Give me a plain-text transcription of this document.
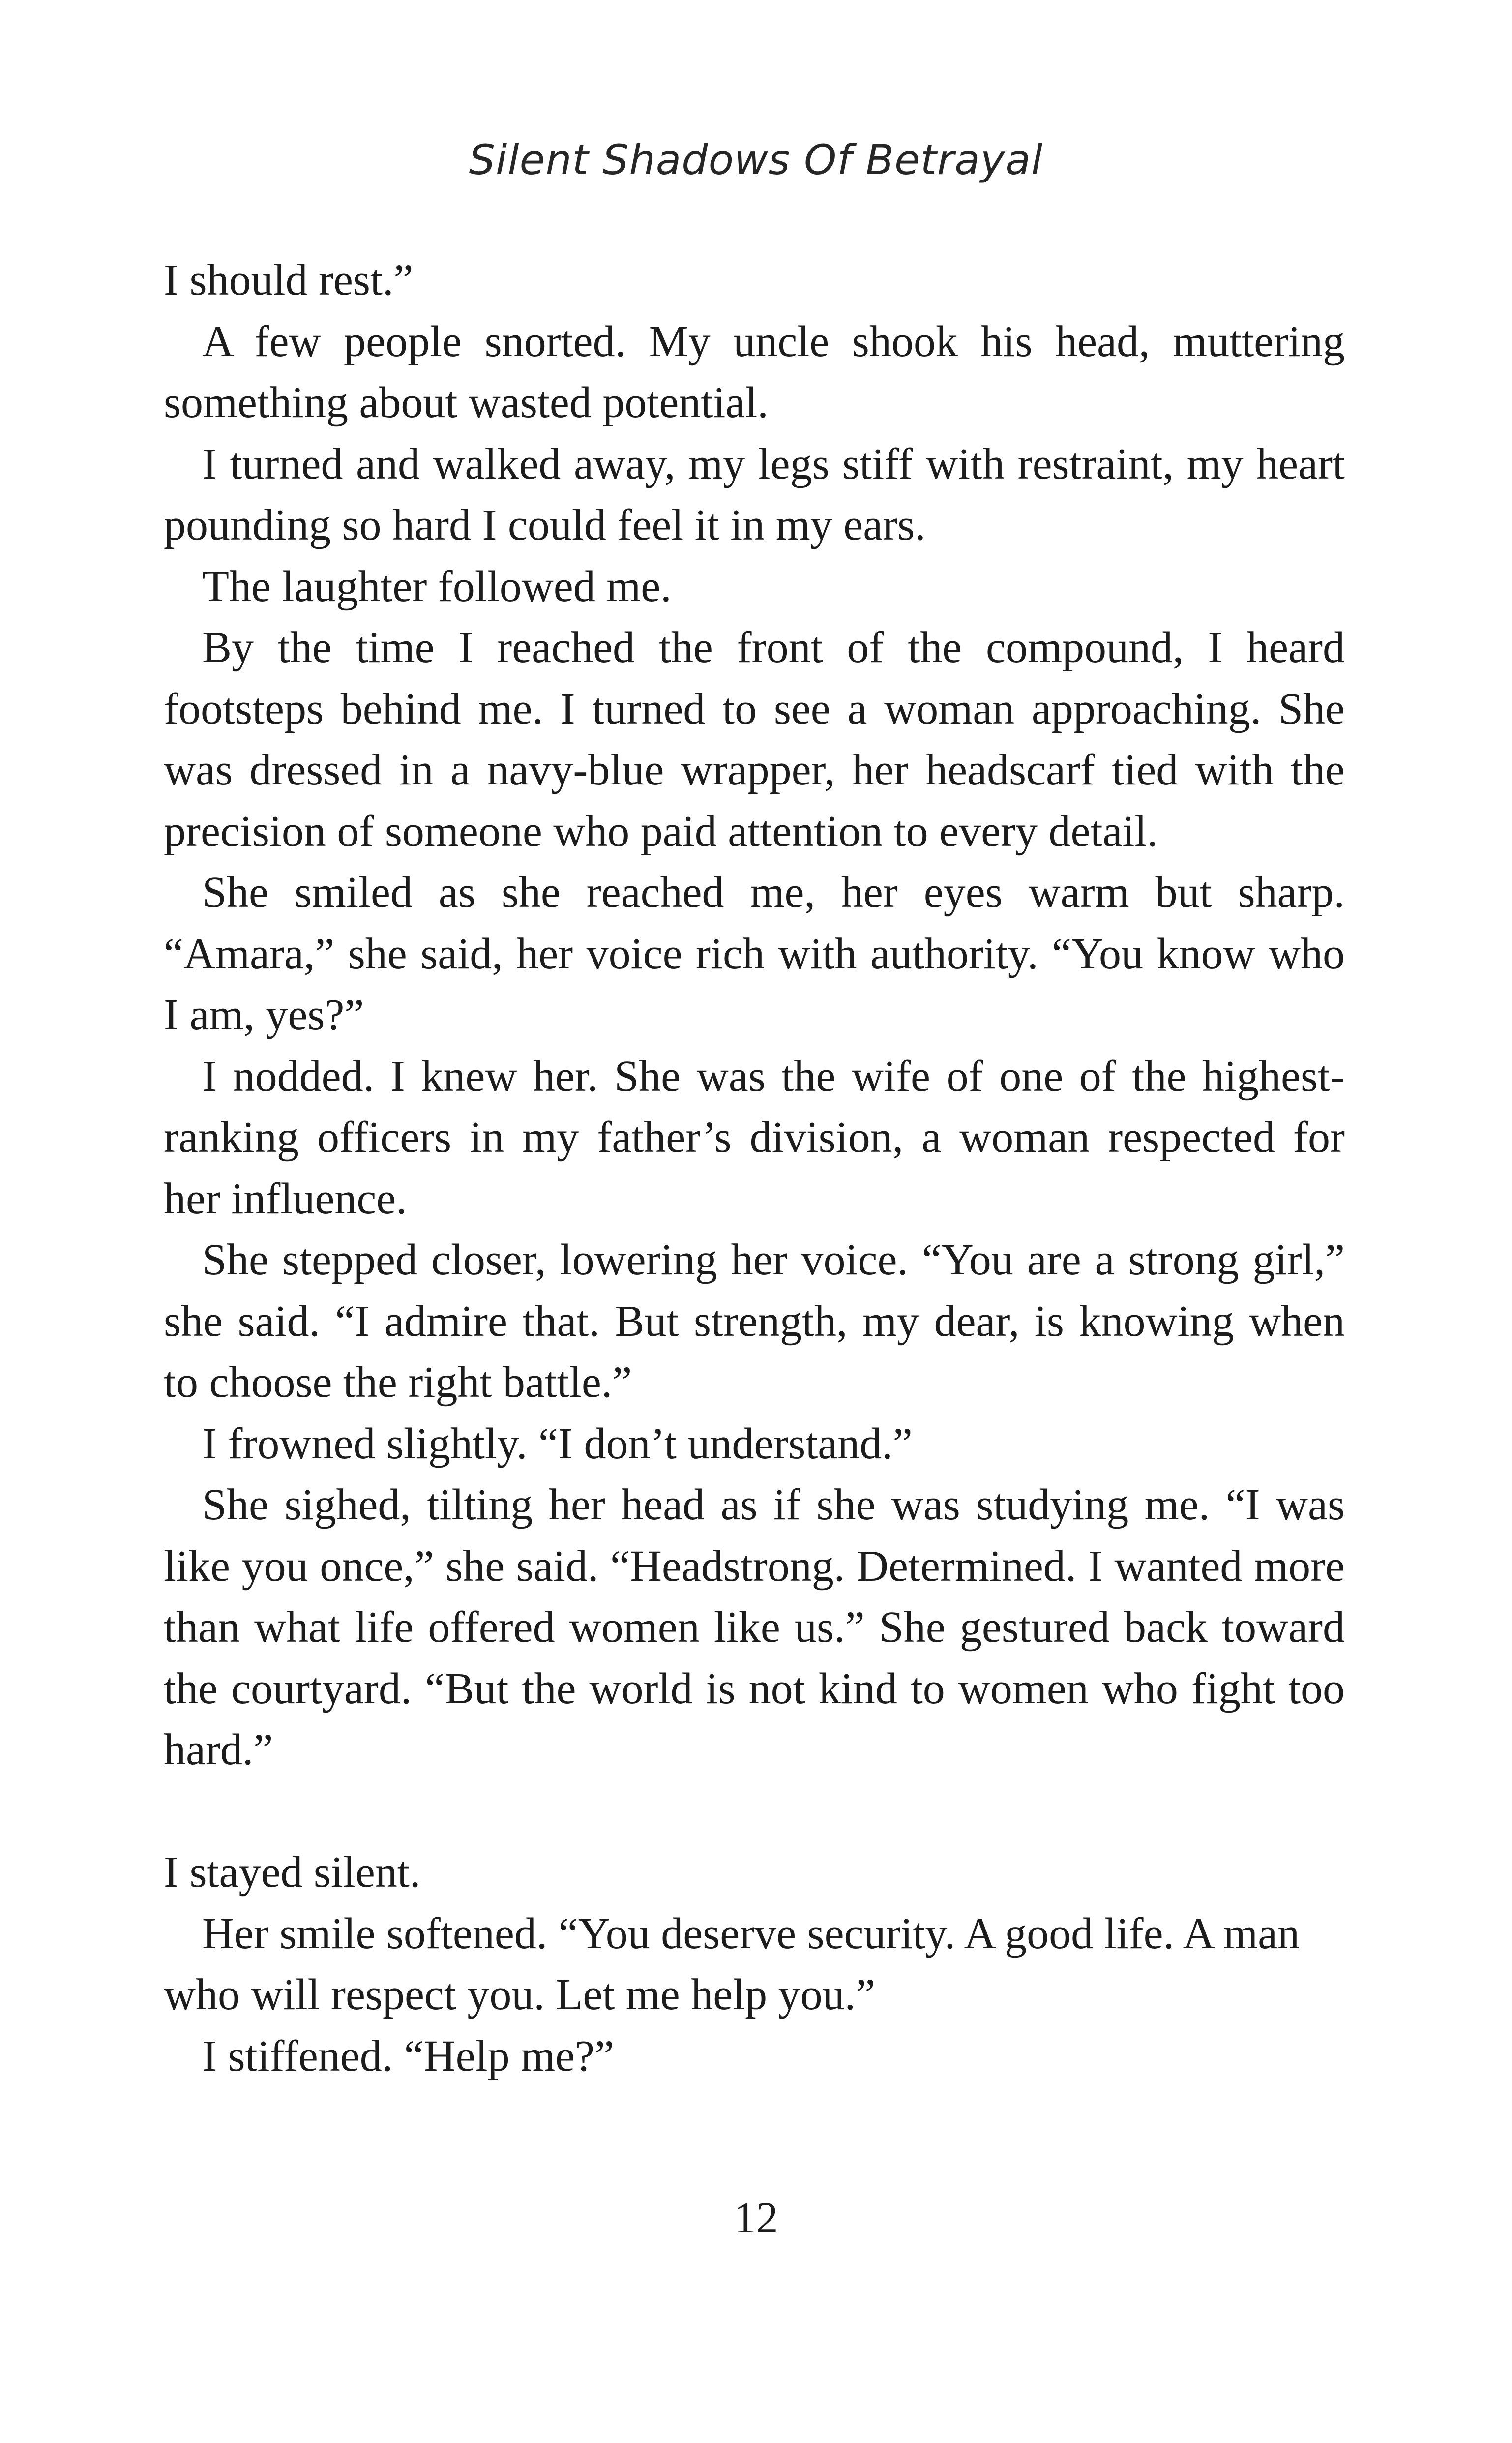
Silent Shadows Of Betrayal

I should rest.”

A few people snorted. My uncle shook his head, muttering something about wasted potential.

I turned and walked away, my legs stiff with restraint, my heart pounding so hard I could feel it in my ears.

The laughter followed me.

By the time I reached the front of the compound, I heard footsteps behind me. I turned to see a woman approaching. She was dressed in a navy-blue wrapper, her headscarf tied with the precision of someone who paid attention to every detail.

She smiled as she reached me, her eyes warm but sharp. “Amara,” she said, her voice rich with authority. “You know who I am, yes?”

I nodded. I knew her. She was the wife of one of the highest-ranking officers in my father’s division, a woman respected for her influence.

She stepped closer, lowering her voice. “You are a strong girl,” she said. “I admire that. But strength, my dear, is knowing when to choose the right battle.”

I frowned slightly. “I don’t understand.”

She sighed, tilting her head as if she was studying me. “I was like you once,” she said. “Headstrong. Determined. I wanted more than what life offered women like us.” She gestured back toward the courtyard. “But the world is not kind to women who fight too hard.”

I stayed silent.

Her smile softened. “You deserve security. A good life. A man who will respect you. Let me help you.”

I stiffened. “Help me?”

12
